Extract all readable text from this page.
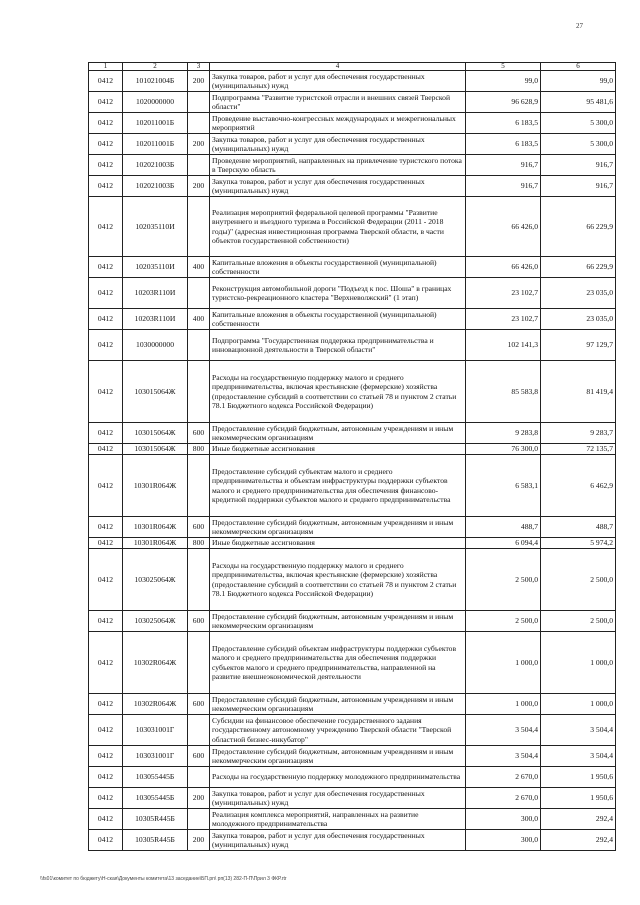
27
1	2	3	4	5	6
0412	101021004Б	200	Закупка товаров, работ и услуг для обеспечения государственных (муниципальных) нужд	99,0	99,0
0412	1020000000		Подпрограмма "Развитие туристской отрасли и внешних связей Тверской области"	96 628,9	95 481,6
0412	102011001Б		Проведение выставочно-конгрессных международных и межрегиональных мероприятий	6 183,5	5 300,0
0412	102011001Б	200	Закупка товаров, работ и услуг для обеспечения государственных (муниципальных) нужд	6 183,5	5 300,0
0412	102021003Б		Проведение мероприятий, направленных на привлечение туристского потока в Тверскую область	916,7	916,7
0412	102021003Б	200	Закупка товаров, работ и услуг для обеспечения государственных (муниципальных) нужд	916,7	916,7
0412	102035110И		Реализация мероприятий федеральной целевой программы "Развитие внутреннего и въездного туризма в Российской Федерации (2011 - 2018 годы)" (адресная инвестиционная программа Тверской области, в части объектов государственной собственности)	66 426,0	66 229,9
0412	102035110И	400	Капитальные вложения в объекты государственной (муниципальной) собственности	66 426,0	66 229,9
0412	10203R110И		Реконструкция автомобильной дороги "Подъезд к пос. Шоша" в границах туристско-рекреационного кластера "Верхневолжский" (1 этап)	23 102,7	23 035,0
0412	10203R110И	400	Капитальные вложения в объекты государственной (муниципальной) собственности	23 102,7	23 035,0
0412	1030000000		Подпрограмма "Государственная поддержка предпринимательства и инновационной деятельности в Тверской области"	102 141,3	97 129,7
0412	103015064Ж		Расходы на государственную поддержку малого и среднего предпринимательства, включая крестьянские (фермерские) хозяйства (предоставление субсидий в соответствии со статьей 78 и пунктом 2 статьи 78.1 Бюджетного кодекса Российской Федерации)	85 583,8	81 419,4
0412	103015064Ж	600	Предоставление субсидий бюджетным, автономным учреждениям и иным некоммерческим организациям	9 283,8	9 283,7
0412	103015064Ж	800	Иные бюджетные ассигнования	76 300,0	72 135,7
0412	10301R064Ж		Предоставление субсидий субъектам малого и среднего предпринимательства и объектам инфраструктуры поддержки субъектов малого и среднего предпринимательства для обеспечения финансово-кредитной поддержки субъектов малого и среднего предпринимательства	6 583,1	6 462,9
0412	10301R064Ж	600	Предоставление субсидий бюджетным, автономным учреждениям и иным некоммерческим организациям	488,7	488,7
0412	10301R064Ж	800	Иные бюджетные ассигнования	6 094,4	5 974,2
0412	103025064Ж		Расходы на государственную поддержку малого и среднего предпринимательства, включая крестьянские (фермерские) хозяйства (предоставление субсидий в соответствии со статьей 78 и пунктом 2 статьи 78.1 Бюджетного кодекса Российской Федерации)	2 500,0	2 500,0
0412	103025064Ж	600	Предоставление субсидий бюджетным, автономным учреждениям и иным некоммерческим организациям	2 500,0	2 500,0
0412	10302R064Ж		Предоставление субсидий объектам инфраструктуры поддержки субъектов малого и среднего предпринимательства для обеспечения поддержки субъектов малого и среднего предпринимательства, направленной на развитие внешнеэкономической деятельности	1 000,0	1 000,0
0412	10302R064Ж	600	Предоставление субсидий бюджетным, автономным учреждениям и иным некоммерческим организациям	1 000,0	1 000,0
0412	103031001Г		Субсидии на финансовое обеспечение государственного задания государственному автономному учреждению Тверской области "Тверской областной бизнес-инкубатор"	3 504,4	3 504,4
0412	103031001Г	600	Предоставление субсидий бюджетным, автономным учреждениям и иным некоммерческим организациям	3 504,4	3 504,4
0412	103055445Б		Расходы на государственную поддержку молодежного предпринимательства	2 670,0	1 950,6
0412	103055445Б	200	Закупка товаров, работ и услуг для обеспечения государственных (муниципальных) нужд	2 670,0	1 950,6
0412	10305R445Б		Реализация комплекса мероприятий, направленных на развитие молодежного предпринимательства	300,0	292,4
0412	10305R445Б	200	Закупка товаров, работ и услуг для обеспечения государственных (муниципальных) нужд	300,0	292,4
\\fs01\комитет по бюджету\Н-ская\Документы комитета\13 заседание\БП.рп\ рп(13) 282-П-П\Прил 3 ФКР.rtr
